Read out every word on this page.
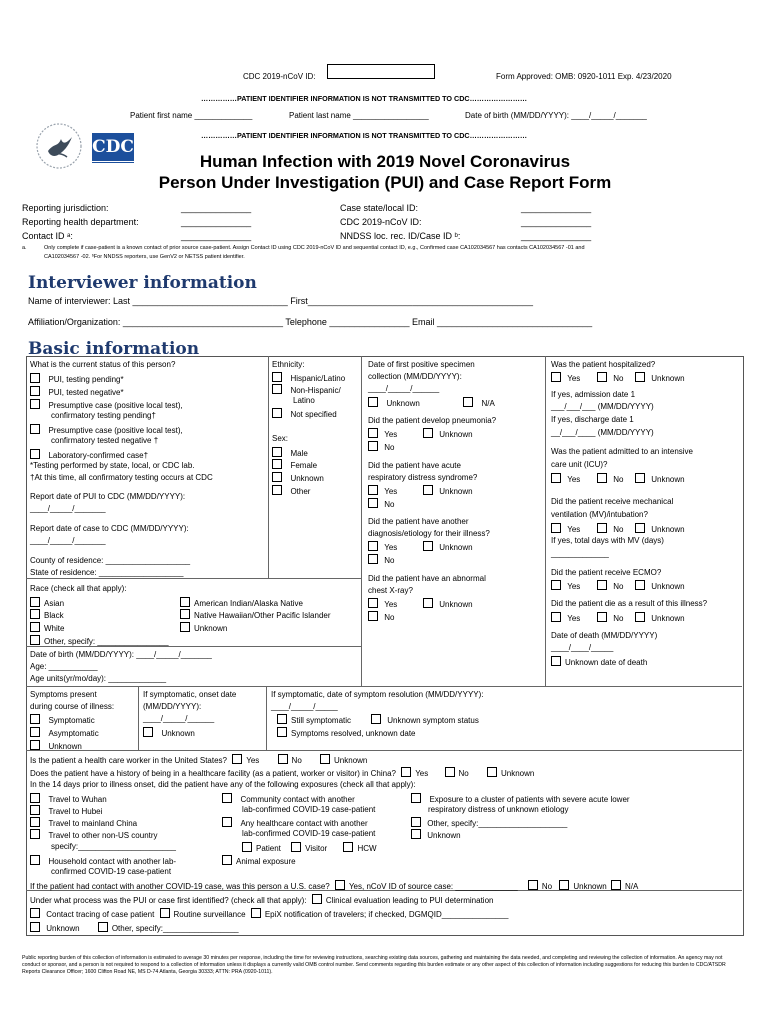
CDC 2019-nCoV ID:	Form Approved: OMB: 0920-1011 Exp. 4/23/2020
……………PATIENT IDENTIFIER INFORMATION IS NOT TRANSMITTED TO CDC……………………
Patient first name _____________	Patient last name _________________	Date of birth (MM/DD/YYYY): ____/_____/_______
……………PATIENT IDENTIFIER INFORMATION IS NOT TRANSMITTED TO CDC……………………
CDC
Human Infection with 2019 Novel Coronavirus
Person Under Investigation (PUI) and Case Report Form
Reporting jurisdiction:	______________
Reporting health department:	______________
Contact ID ᵃ:	______________
Case state/local ID:	______________
CDC 2019-nCoV ID:	______________
NNDSS loc. rec. ID/Case ID ᵇ:	______________
a.	Only complete if case-patient is a known contact of prior source case-patient. Assign Contact ID using CDC 2019-nCoV ID and sequential contact ID, e.g., Confirmed case CA102034567 has contacts CA102034567 -01 and
CA102034567 -02. ᵇFor NNDSS reporters, use GenV2 or NETSS patient identifier.
Interviewer information
Name of interviewer: Last _______________________________ First_____________________________________________
Affiliation/Organization: ________________________________ Telephone ________________ Email _______________________________
Basic information
What is the current status of this person?
PUI, testing pending*
PUI, tested negative*
Presumptive case (positive local test),
confirmatory testing pending†
Presumptive case (positive local test),
confirmatory tested negative †
Laboratory-confirmed case†
*Testing performed by state, local, or CDC lab.
†At this time, all confirmatory testing occurs at CDC
Report date of PUI to CDC (MM/DD/YYYY):
____/_____/_______
Report date of case to CDC (MM/DD/YYYY):
____/_____/_______
County of residence: ___________________
State of residence: ___________________
Ethnicity:
Hispanic/Latino
Non-Hispanic/
Latino
Not specified
Sex:
Male
Female
Unknown
Other
Date of first positive specimen
collection (MM/DD/YYYY):
____/_____/______
Unknown	N/A
Did the patient develop pneumonia?
Yes	Unknown
No
Did the patient have acute
respiratory distress syndrome?
Yes	Unknown
No
Did the patient have another
diagnosis/etiology for their illness?
Yes	Unknown
No
Did the patient have an abnormal
chest X-ray?
Yes	Unknown
No
Was the patient hospitalized?
Yes	No	Unknown
If yes, admission date 1
___/___/___ (MM/DD/YYYY)
If yes, discharge date 1
__/___/____ (MM/DD/YYYY)
Was the patient admitted to an intensive
care unit (ICU)?
Yes	No	Unknown
Did the patient receive mechanical
ventilation (MV)/intubation?
Yes	No	Unknown
If yes, total days with MV (days)
_____________
Did the patient receive ECMO?
Yes	No	Unknown
Did the patient die as a result of this illness?
Yes	No	Unknown
Date of death (MM/DD/YYYY)
____/____/_____
Unknown date of death
Race (check all that apply):
Asian
Black
White
American Indian/Alaska Native
Native Hawaiian/Other Pacific Islander
Unknown
Other, specify: ________________
Date of birth (MM/DD/YYYY): ____/_____/_______
Age: ___________
Age units(yr/mo/day): _____________
Symptoms present
during course of illness:
Symptomatic
Asymptomatic
Unknown
If symptomatic, onset date
(MM/DD/YYYY):
____/_____/______
Unknown
If symptomatic, date of symptom resolution (MM/DD/YYYY):
____/_____/_____
Still symptomatic	Unknown symptom status
Symptoms resolved, unknown date
Is the patient a health care worker in the United States? Yes	No	Unknown
Does the patient have a history of being in a healthcare facility (as a patient, worker or visitor) in China? Yes	No	Unknown
In the 14 days prior to illness onset, did the patient have any of the following exposures (check all that apply):
Travel to Wuhan
Travel to Hubei
Travel to mainland China
Travel to other non-US country
specify:______________________
Household contact with another lab-
confirmed COVID-19 case-patient
Community contact with another
lab-confirmed COVID-19 case-patient
Any healthcare contact with another
lab-confirmed COVID-19 case-patient
Patient	Visitor	HCW
Animal exposure
Exposure to a cluster of patients with severe acute lower
respiratory distress of unknown etiology
Other, specify:____________________
Unknown
If the patient had contact with another COVID-19 case, was this person a U.S. case? Yes, nCoV ID of source case: ______________	No	Unknown N/A
Under what process was the PUI or case first identified? (check all that apply): Clinical evaluation leading to PUI determination
Contact tracing of case patient Routine surveillance EpiX notification of travelers; if checked, DGMQID_______________
Unknown	Other, specify:_________________
Public reporting burden of this collection of information is estimated to average 30 minutes per response, including the time for reviewing instructions, searching existing data sources, gathering and maintaining the data needed, and completing and reviewing the collection of information. An agency may not conduct or sponsor, and a person is not required to respond to a collection of information unless it displays a currently valid OMB control number. Send comments regarding this burden estimate or any other aspect of this collection of information including suggestions for reducing this burden to CDC/ATSDR Reports Clearance Officer; 1600 Clifton Road NE, MS D-74 Atlanta, Georgia 30333; ATTN: PRA (0920-1011).
